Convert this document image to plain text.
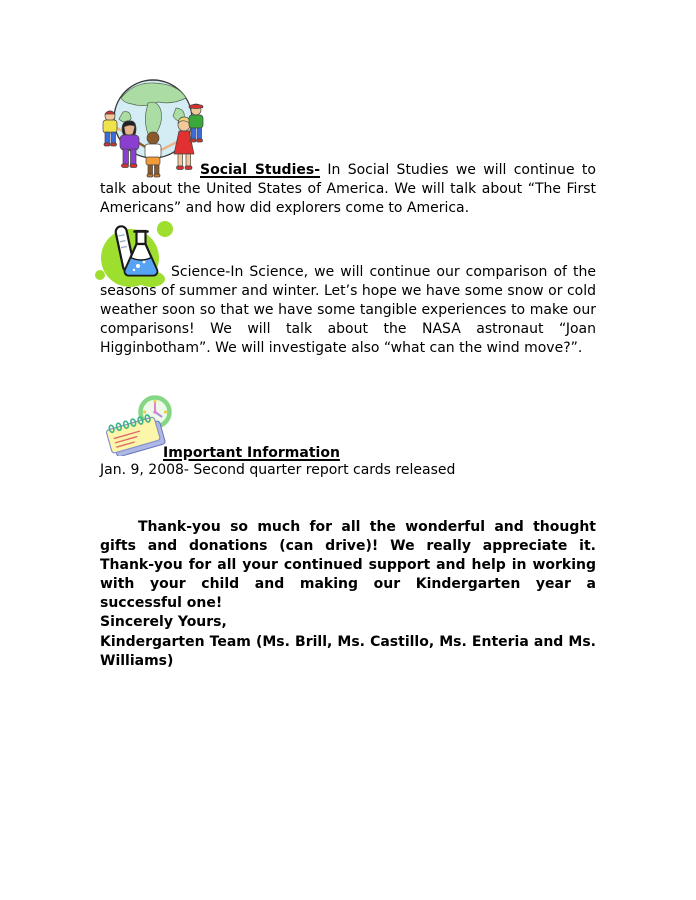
Social Studies- In Social Studies we will continue to talk about the United States of America. We will talk about “The First Americans” and how did explorers come to America.

Science-In Science, we will continue our comparison of the seasons of summer and winter. Let’s hope we have some snow or cold weather soon so that we have some tangible experiences to make our comparisons! We will talk about the NASA astronaut “Joan Higginbotham”. We will investigate also “what can the wind move?”.

Important Information
Jan. 9, 2008- Second quarter report cards released

Thank-you so much for all the wonderful and thought gifts and donations (can drive)! We really appreciate it. Thank-you for all your continued support and help in working with your child and making our Kindergarten year a successful one!

Sincerely Yours,

Kindergarten Team (Ms. Brill, Ms. Castillo, Ms. Enteria and Ms. Williams)
